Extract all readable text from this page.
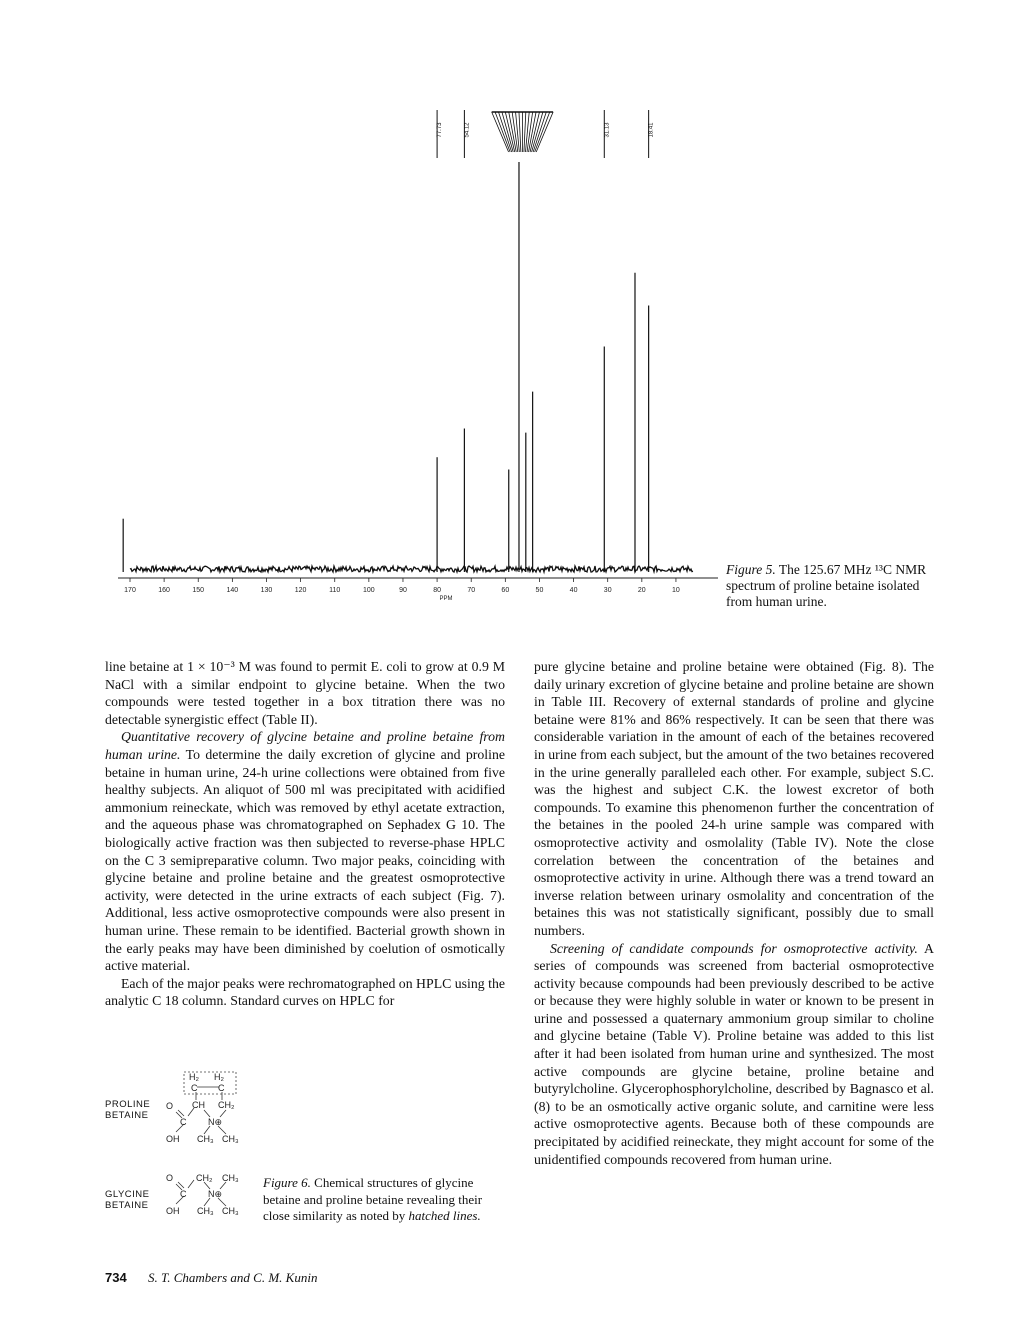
170	160	150	140	130	120	110	100	90	80	70	60	50	40	30	20	10
PPM
77.73	54.12	31.13	18.41
Figure 5. The 125.67 MHz ¹³C NMR spectrum of proline betaine isolated from human urine.

line betaine at 1 × 10⁻³ M was found to permit E. coli to grow at 0.9 M NaCl with a similar endpoint to glycine betaine. When the two compounds were tested together in a box titration there was no detectable synergistic effect (Table II).

Quantitative recovery of glycine betaine and proline betaine from human urine. To determine the daily excretion of glycine and proline betaine in human urine, 24-h urine collections were obtained from five healthy subjects. An aliquot of 500 ml was precipitated with acidified ammonium reineckate, which was removed by ethyl acetate extraction, and the aqueous phase was chromatographed on Sephadex G 10. The biologically active fraction was then subjected to reverse-phase HPLC on the C 3 semipreparative column. Two major peaks, coinciding with glycine betaine and proline betaine and the greatest osmoprotective activity, were detected in the urine extracts of each subject (Fig. 7). Additional, less active osmoprotective compounds were also present in human urine. These remain to be identified. Bacterial growth shown in the early peaks may have been diminished by coelution of osmotically active material.

Each of the major peaks were rechromatographed on HPLC using the analytic C 18 column. Standard curves on HPLC for

pure glycine betaine and proline betaine were obtained (Fig. 8). The daily urinary excretion of glycine betaine and proline betaine are shown in Table III. Recovery of external standards of proline and glycine betaine were 81% and 86% respectively. It can be seen that there was considerable variation in the amount of each of the betaines recovered in urine from each subject, but the amount of the two betaines recovered in the urine generally paralleled each other. For example, subject S.C. was the highest and subject C.K. the lowest excretor of both compounds. To examine this phenomenon further the concentration of the betaines in the pooled 24-h urine sample was compared with osmoprotective activity and osmolality (Table IV). Note the close correlation between the concentration of the betaines and osmoprotective activity in urine. Although there was a trend toward an inverse relation between urinary osmolality and concentration of the betaines this was not statistically significant, possibly due to small numbers.

Screening of candidate compounds for osmoprotective activity. A series of compounds was screened from bacterial osmoprotective activity because compounds had been previously described to be active or because they were highly soluble in water or known to be present in urine and possessed a quaternary ammonium group similar to choline and glycine betaine (Table V). Proline betaine was added to this list after it had been isolated from human urine and synthesized. The most active compounds are glycine betaine, proline betaine and butyrylcholine. Glycerophosphorylcholine, described by Bagnasco et al. (8) to be an osmotically active organic solute, and carnitine were less active osmoprotective agents. Because both of these compounds are precipitated by acidified reineckate, they might account for some of the unidentified compounds recovered from human urine.

PROLINE
BETAINE
GLYCINE
BETAINE
H₂ H₂
C C
O CH CH₂
C N⊕
OH CH₃ CH₃
O	CH₂ CH₃
C N⊕
OH CH₃ CH₃
Figure 6. Chemical structures of glycine betaine and proline betaine revealing their close similarity as noted by hatched lines.
734 S. T. Chambers and C. M. Kunin
